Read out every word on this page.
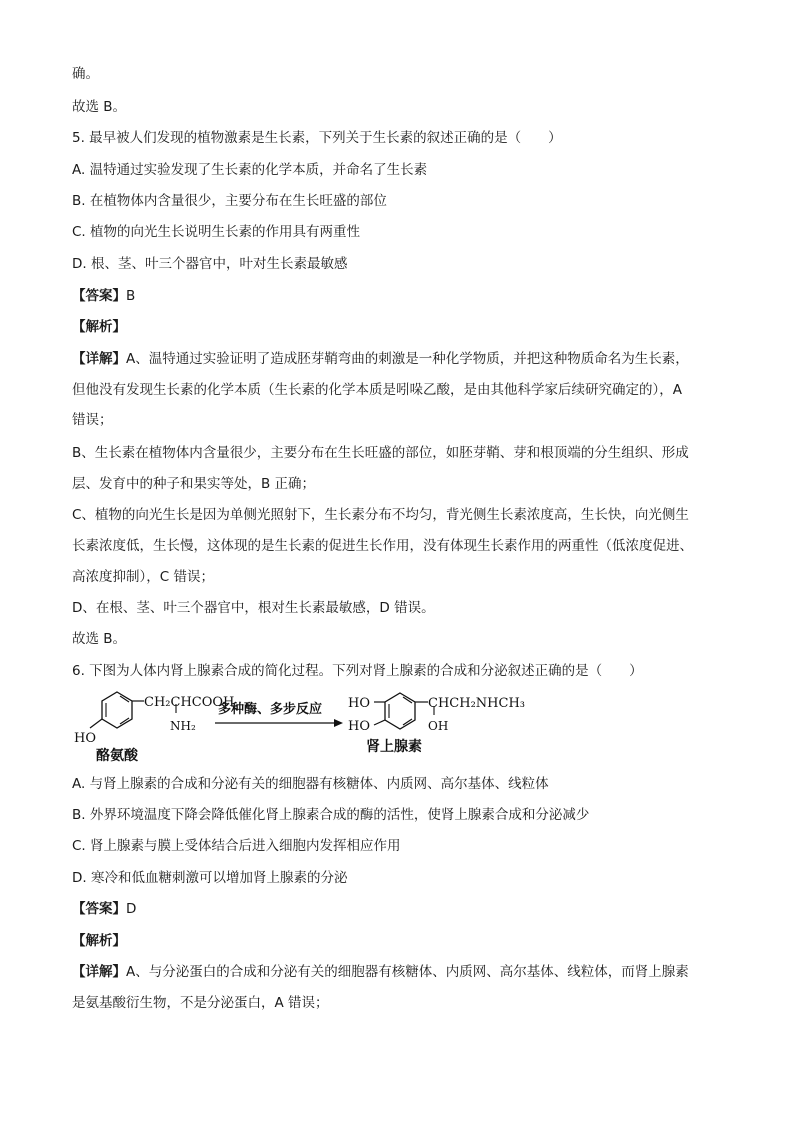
确。
故选 B。
5. 最早被人们发现的植物激素是生长素，下列关于生长素的叙述正确的是（　　）
A. 温特通过实验发现了生长素的化学本质，并命名了生长素
B. 在植物体内含量很少，主要分布在生长旺盛的部位
C. 植物的向光生长说明生长素的作用具有两重性
D. 根、茎、叶三个器官中，叶对生长素最敏感
【答案】B
【解析】
【详解】A、温特通过实验证明了造成胚芽鞘弯曲的刺激是一种化学物质，并把这种物质命名为生长素，
但他没有发现生长素的化学本质（生长素的化学本质是吲哚乙酸，是由其他科学家后续研究确定的），A
错误；
B、生长素在植物体内含量很少，主要分布在生长旺盛的部位，如胚芽鞘、芽和根顶端的分生组织、形成
层、发育中的种子和果实等处，B 正确；
C、植物的向光生长是因为单侧光照射下，生长素分布不均匀，背光侧生长素浓度高，生长快，向光侧生
长素浓度低，生长慢，这体现的是生长素的促进生长作用，没有体现生长素作用的两重性（低浓度促进、
高浓度抑制），C 错误；
D、在根、茎、叶三个器官中，根对生长素最敏感，D 错误。
故选 B。
6. 下图为人体内肾上腺素合成的简化过程。下列对肾上腺素的合成和分泌叙述正确的是（　　）
CH₂CHCOOH
NH₂
HO
酪氨酸
多种酶、多步反应 HO
HO
CHCH₂NHCH₃
OH
肾上腺素
A. 与肾上腺素的合成和分泌有关的细胞器有核糖体、内质网、高尔基体、线粒体
B. 外界环境温度下降会降低催化肾上腺素合成的酶的活性，使肾上腺素合成和分泌减少
C. 肾上腺素与膜上受体结合后进入细胞内发挥相应作用
D. 寒冷和低血糖刺激可以增加肾上腺素的分泌
【答案】D
【解析】
【详解】A、与分泌蛋白的合成和分泌有关的细胞器有核糖体、内质网、高尔基体、线粒体，而肾上腺素
是氨基酸衍生物，不是分泌蛋白，A 错误；
